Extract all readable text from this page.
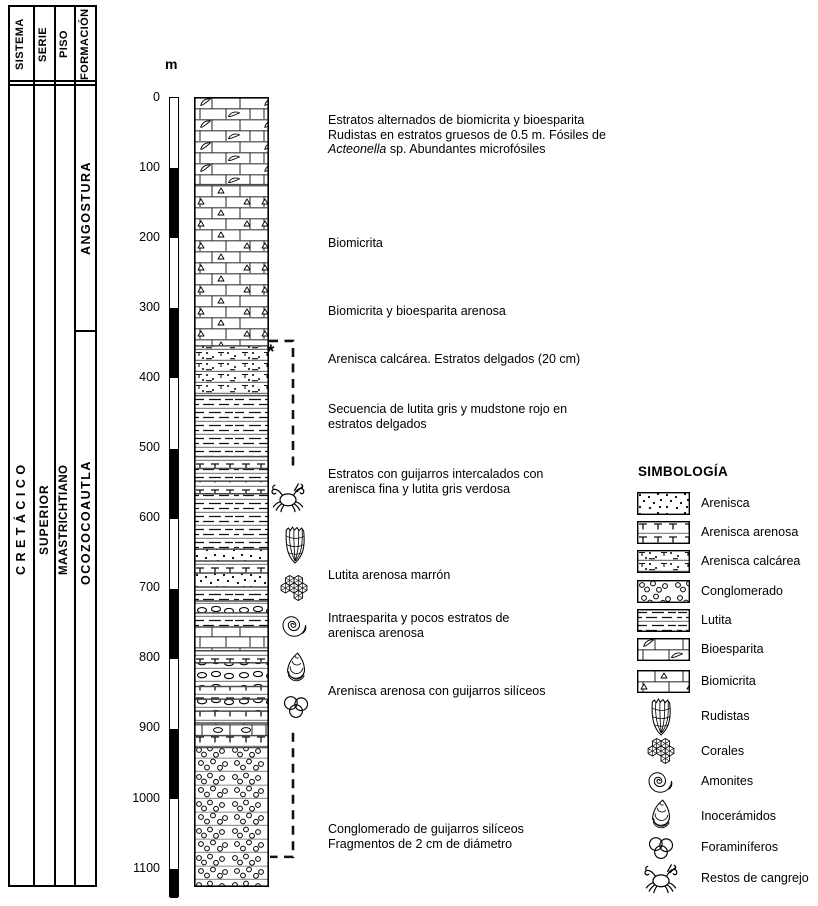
SISTEMA SERIE PISO FORMACIÓN
C R E T Á C I C O SUPERIOR MAASTRICHTIANO
ANGOSTURA
OCOZOCOAUTLA
m
0
100
200
300
400
500
600
700
800
900
1000
1100
*
Estratos alternados de biomicrita y bioesparita
Rudistas en estratos gruesos de 0.5 m. Fósiles de
Acteonella sp. Abundantes microfósiles
Biomicrita
Biomicrita y bioesparita arenosa
Arenisca calcárea. Estratos delgados (20 cm)
Secuencia de lutita gris y mudstone rojo en
estratos delgados
Estratos con guijarros intercalados con
arenisca fina y lutita gris verdosa
Lutita arenosa marrón
Intraesparita y pocos estratos de
arenisca arenosa
Arenisca arenosa con guijarros silíceos
Conglomerado de guijarros silíceos
Fragmentos de 2 cm de diámetro
SIMBOLOGÍA
Arenisca
Arenisca arenosa
Arenisca calcárea
Conglomerado
Lutita
Bioesparita
Biomicrita
Rudistas
Corales
Amonites
Inocerámidos
Foraminíferos
Restos de cangrejo
